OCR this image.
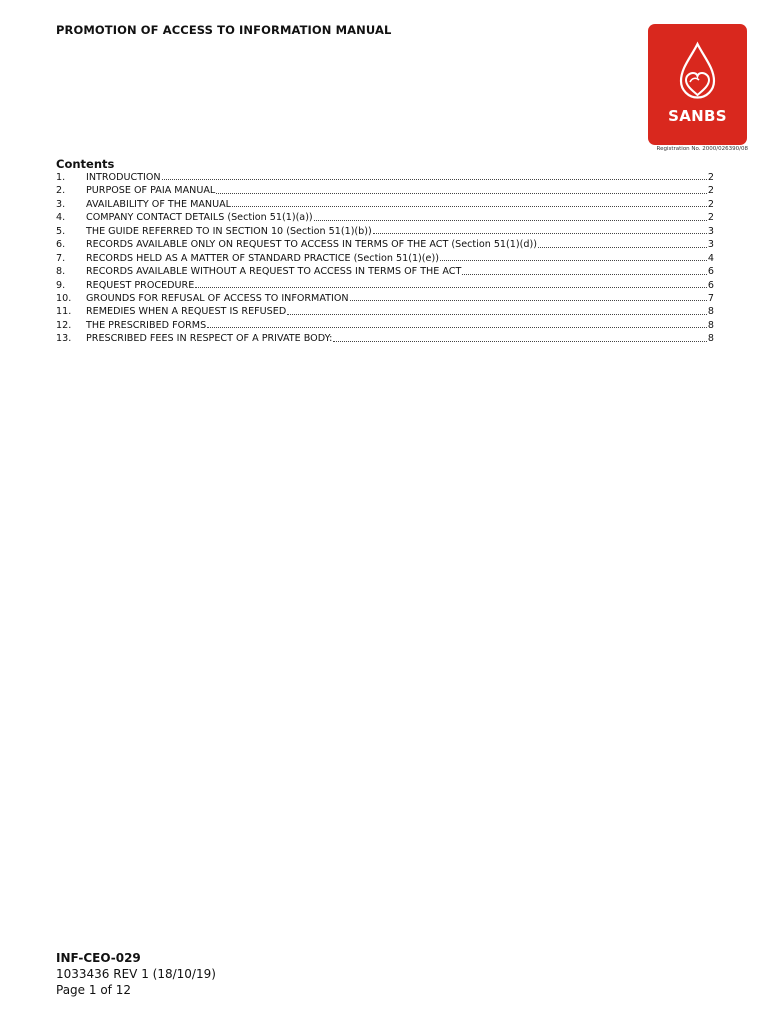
PROMOTION OF ACCESS TO INFORMATION MANUAL
SANBS
Registration No. 2000/026390/08
Contents
1.	INTRODUCTION	2
2.	PURPOSE OF PAIA MANUAL	2
3.	AVAILABILITY OF THE MANUAL	2
4.	COMPANY CONTACT DETAILS (Section 51(1)(a))	2
5.	THE GUIDE REFERRED TO IN SECTION 10 (Section 51(1)(b))	3
6.	RECORDS AVAILABLE ONLY ON REQUEST TO ACCESS IN TERMS OF THE ACT (Section 51(1)(d))	3
7.	RECORDS HELD AS A MATTER OF STANDARD PRACTICE (Section 51(1)(e))	4
8.	RECORDS AVAILABLE WITHOUT A REQUEST TO ACCESS IN TERMS OF THE ACT	6
9.	REQUEST PROCEDURE	6
10.	GROUNDS FOR REFUSAL OF ACCESS TO INFORMATION	7
11.	REMEDIES WHEN A REQUEST IS REFUSED	8
12.	THE PRESCRIBED FORMS	8
13.	PRESCRIBED FEES IN RESPECT OF A PRIVATE BODY:	8
INF-CEO-029
1033436 REV 1 (18/10/19)
Page 1 of 12
